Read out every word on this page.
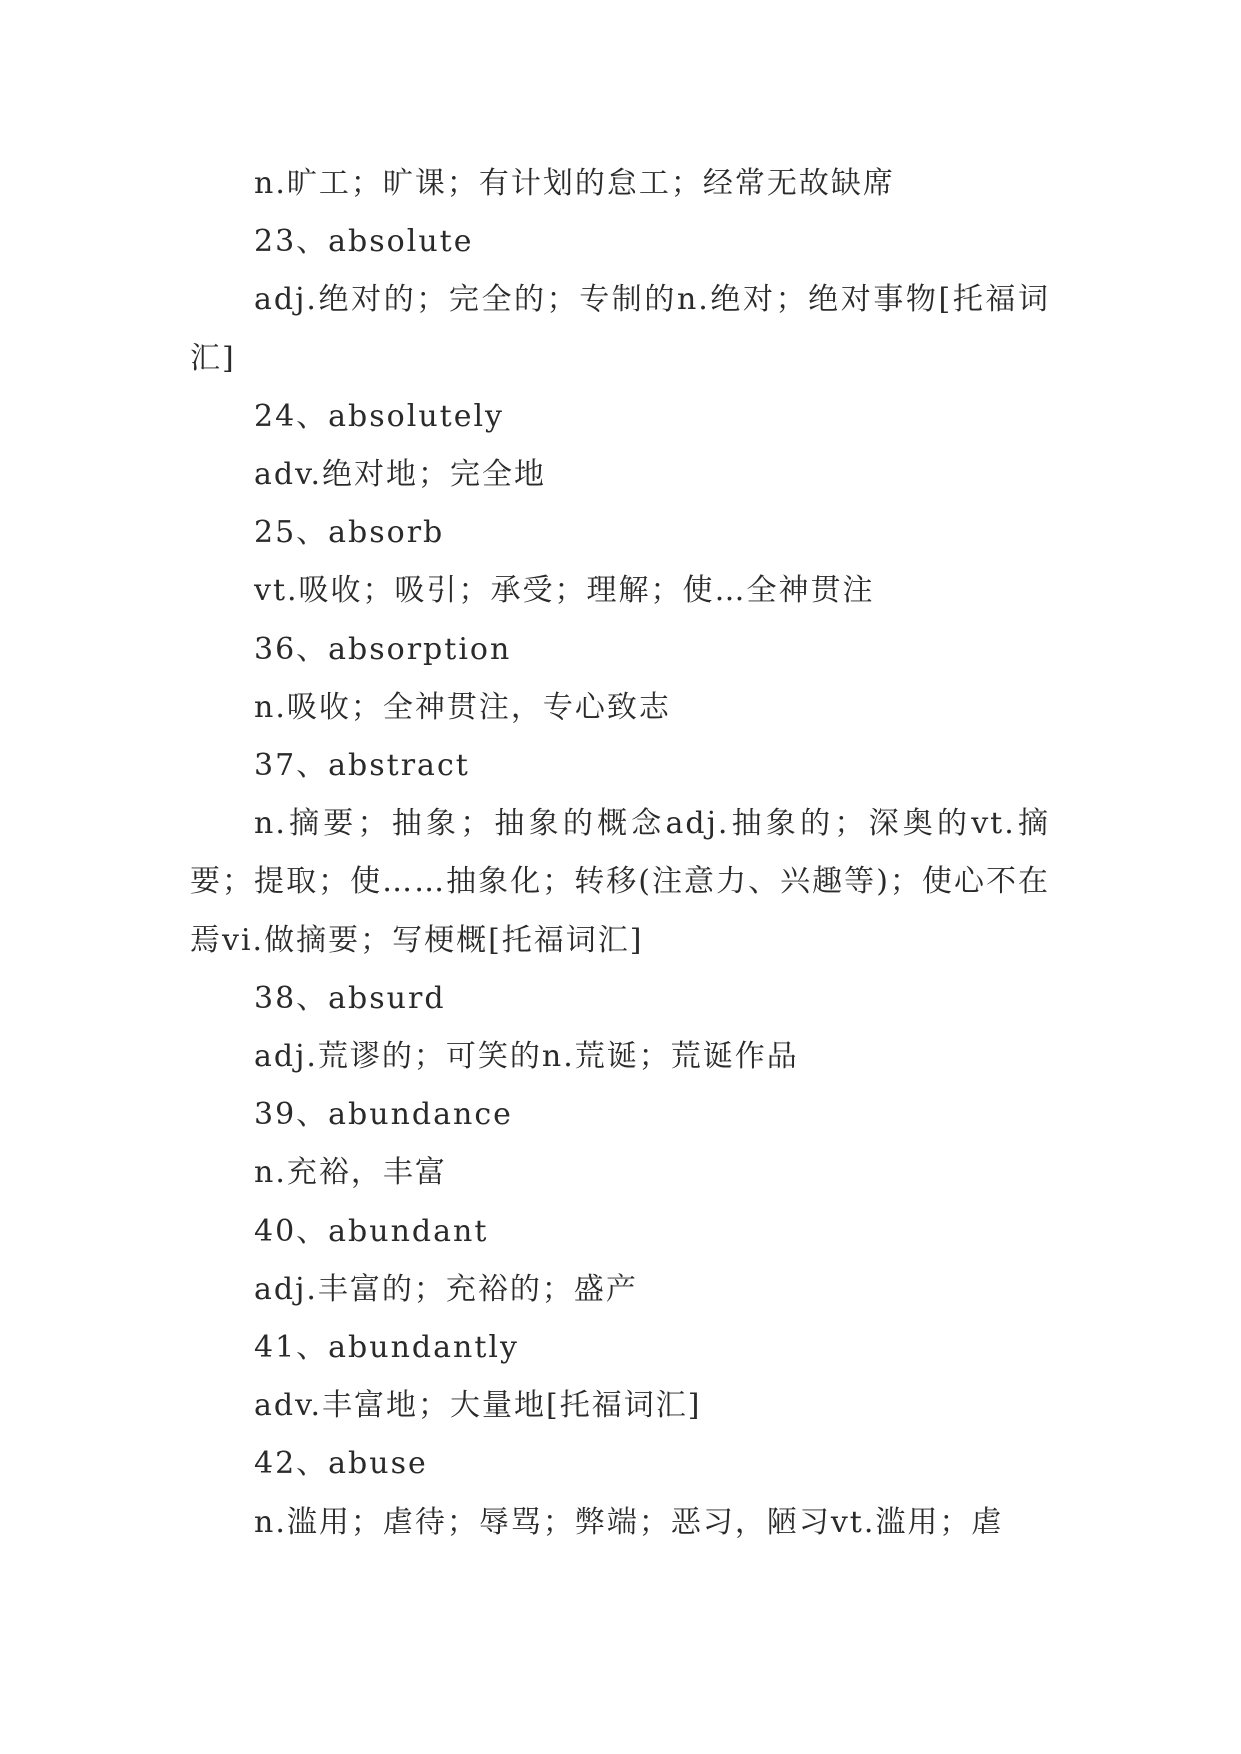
n.旷工；旷课；有计划的怠工；经常无故缺席

23、absolute

adj.绝对的；完全的；专制的n.绝对；绝对事物[托福词汇]

24、absolutely

adv.绝对地；完全地

25、absorb

vt.吸收；吸引；承受；理解；使…全神贯注

36、absorption

n.吸收；全神贯注，专心致志

37、abstract

n.摘要；抽象；抽象的概念adj.抽象的；深奥的vt.摘要；提取；使……抽象化；转移(注意力、兴趣等)；使心不在焉vi.做摘要；写梗概[托福词汇]

38、absurd

adj.荒谬的；可笑的n.荒诞；荒诞作品

39、abundance

n.充裕，丰富

40、abundant

adj.丰富的；充裕的；盛产

41、abundantly

adv.丰富地；大量地[托福词汇]

42、abuse

n.滥用；虐待；辱骂；弊端；恶习，陋习vt.滥用；虐
